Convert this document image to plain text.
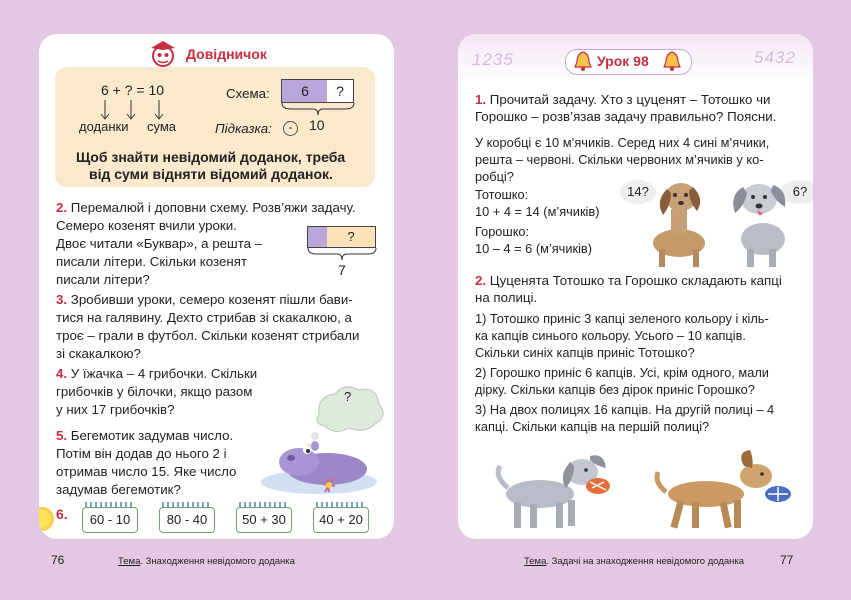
Довідничок
6 + ? = 10
доданки сума
Схема:	6	?
10
Підказка:	-
Щоб знайти невідомий доданок, треба
від суми відняти відомий доданок.
2. Перемалюй і доповни схему. Розв’яжи задачу.
Семеро козенят вчили уроки.
Двоє читали «Буквар», а решта –
писали літери. Скільки козенят
писали літери?
?
7
3. Зробивши уроки, семеро козенят пішли бави-
тися на галявину. Дехто стрибав зі скакалкою, а
троє – грали в футбол. Скільки козенят стрибали
зі скакалкою?
4. У їжачка – 4 грибочки. Скільки
грибочків у білочки, якщо разом
у них 17 грибочків?
5. Бегемотик задумав число.
Потім він додав до нього 2 і
отримав число 15. Яке число
задумав бегемотик?
?
6.	60 - 10	80 - 40	50 + 30	40 + 20
76	Тема. Знаходження невідомого доданка
1235	5432
Урок 98
1. Прочитай задачу. Хто з цуценят – Тотошко чи
Горошко – розв’язав задачу правильно? Поясни.
У коробці є 10 м’ячиків. Серед них 4 сині м’ячики,
решта – червоні. Скільки червоних м’ячиків у ко-
робці?
Тотошко:
10 + 4 = 14 (м’ячиків)
Горошко:
10 – 4 = 6 (м’ячиків)
14?	6?
2. Цуценята Тотошко та Горошко складають капці
на полиці.
1) Тотошко приніс 3 капці зеленого кольору і кіль-
ка капців синього кольору. Усього – 10 капців.
Скільки синіх капців приніс Тотошко?
2) Горошко приніс 6 капців. Усі, крім одного, мали
дірку. Скільки капців без дірок приніс Горошко?
3) На двох полицях 16 капців. На другій полиці – 4
капці. Скільки капців на першій полиці?
Тема. Задачі на знаходження невідомого доданка	77
